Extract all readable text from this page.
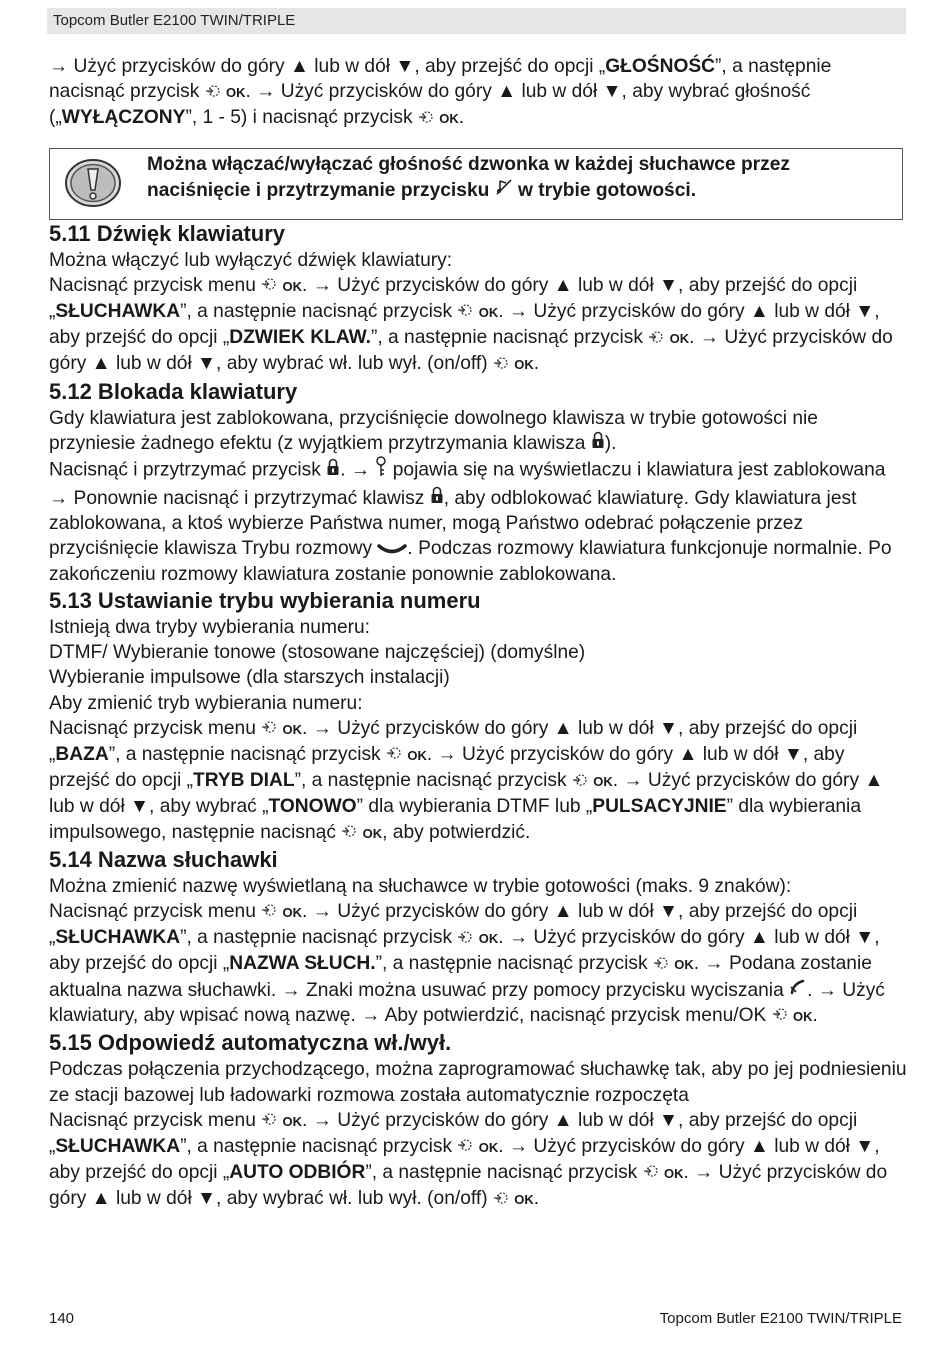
Topcom Butler E2100 TWIN/TRIPLE

→ Użyć przycisków do góry ▲ lub w dół ▼, aby przejść do opcji „GŁOŚNOŚĆ”, a następnie nacisnąć przycisk  OK. → Użyć przycisków do góry ▲ lub w dół ▼, aby wybrać głośność („WYŁĄCZONY”, 1 - 5) i nacisnąć przycisk  OK.

Można włączać/wyłączać głośność dzwonka w każdej słuchawce przez naciśnięcie i przytrzymanie przycisku  w trybie gotowości.
5.11 Dźwięk klawiatury

Można włączyć lub wyłączyć dźwięk klawiatury:

Nacisnąć przycisk menu  OK. → Użyć przycisków do góry ▲ lub w dół ▼, aby przejść do opcji „SŁUCHAWKA”, a następnie nacisnąć przycisk  OK. → Użyć przycisków do góry ▲ lub w dół ▼, aby przejść do opcji „DZWIEK KLAW.”, a następnie nacisnąć przycisk  OK. → Użyć przycisków do góry ▲ lub w dół ▼, aby wybrać wł. lub wył. (on/off)  OK.

5.12 Blokada klawiatury

Gdy klawiatura jest zablokowana, przyciśnięcie dowolnego klawisza w trybie gotowości nie przyniesie żadnego efektu (z wyjątkiem przytrzymania klawisza ).

Nacisnąć i przytrzymać przycisk . →  pojawia się na wyświetlaczu i klawiatura jest zablokowana → Ponownie nacisnąć i przytrzymać klawisz , aby odblokować klawiaturę. Gdy klawiatura jest zablokowana, a ktoś wybierze Państwa numer, mogą Państwo odebrać połączenie przez przyciśnięcie klawisza Trybu rozmowy . Podczas rozmowy klawiatura funkcjonuje normalnie. Po zakończeniu rozmowy klawiatura zostanie ponownie zablokowana.

5.13 Ustawianie trybu wybierania numeru

Istnieją dwa tryby wybierania numeru:

DTMF/ Wybieranie tonowe (stosowane najczęściej) (domyślne)

Wybieranie impulsowe (dla starszych instalacji)

Aby zmienić tryb wybierania numeru:

Nacisnąć przycisk menu  OK. → Użyć przycisków do góry ▲ lub w dół ▼, aby przejść do opcji „BAZA”, a następnie nacisnąć przycisk  OK. → Użyć przycisków do góry ▲ lub w dół ▼, aby przejść do opcji „TRYB DIAL”, a następnie nacisnąć przycisk  OK. → Użyć przycisków do góry ▲ lub w dół ▼, aby wybrać „TONOWO” dla wybierania DTMF lub „PULSACYJNIE” dla wybierania impulsowego, następnie nacisnąć  OK, aby potwierdzić.

5.14 Nazwa słuchawki

Można zmienić nazwę wyświetlaną na słuchawce w trybie gotowości (maks. 9 znaków):

Nacisnąć przycisk menu  OK. → Użyć przycisków do góry ▲ lub w dół ▼, aby przejść do opcji „SŁUCHAWKA”, a następnie nacisnąć przycisk  OK. → Użyć przycisków do góry ▲ lub w dół ▼, aby przejść do opcji „NAZWA SŁUCH.”, a następnie nacisnąć przycisk  OK. → Podana zostanie aktualna nazwa słuchawki. → Znaki można usuwać przy pomocy przycisku wyciszania . → Użyć klawiatury, aby wpisać nową nazwę. → Aby potwierdzić, nacisnąć przycisk menu/OK  OK.

5.15 Odpowiedź automatyczna wł./wył.

Podczas połączenia przychodzącego, można zaprogramować słuchawkę tak, aby po jej podniesieniu ze stacji bazowej lub ładowarki rozmowa została automatycznie rozpoczęta

Nacisnąć przycisk menu  OK. → Użyć przycisków do góry ▲ lub w dół ▼, aby przejść do opcji „SŁUCHAWKA”, a następnie nacisnąć przycisk  OK. → Użyć przycisków do góry ▲ lub w dół ▼, aby przejść do opcji „AUTO ODBIÓR”, a następnie nacisnąć przycisk  OK. → Użyć przycisków do góry ▲ lub w dół ▼, aby wybrać wł. lub wył. (on/off)  OK.

140	Topcom Butler E2100 TWIN/TRIPLE
